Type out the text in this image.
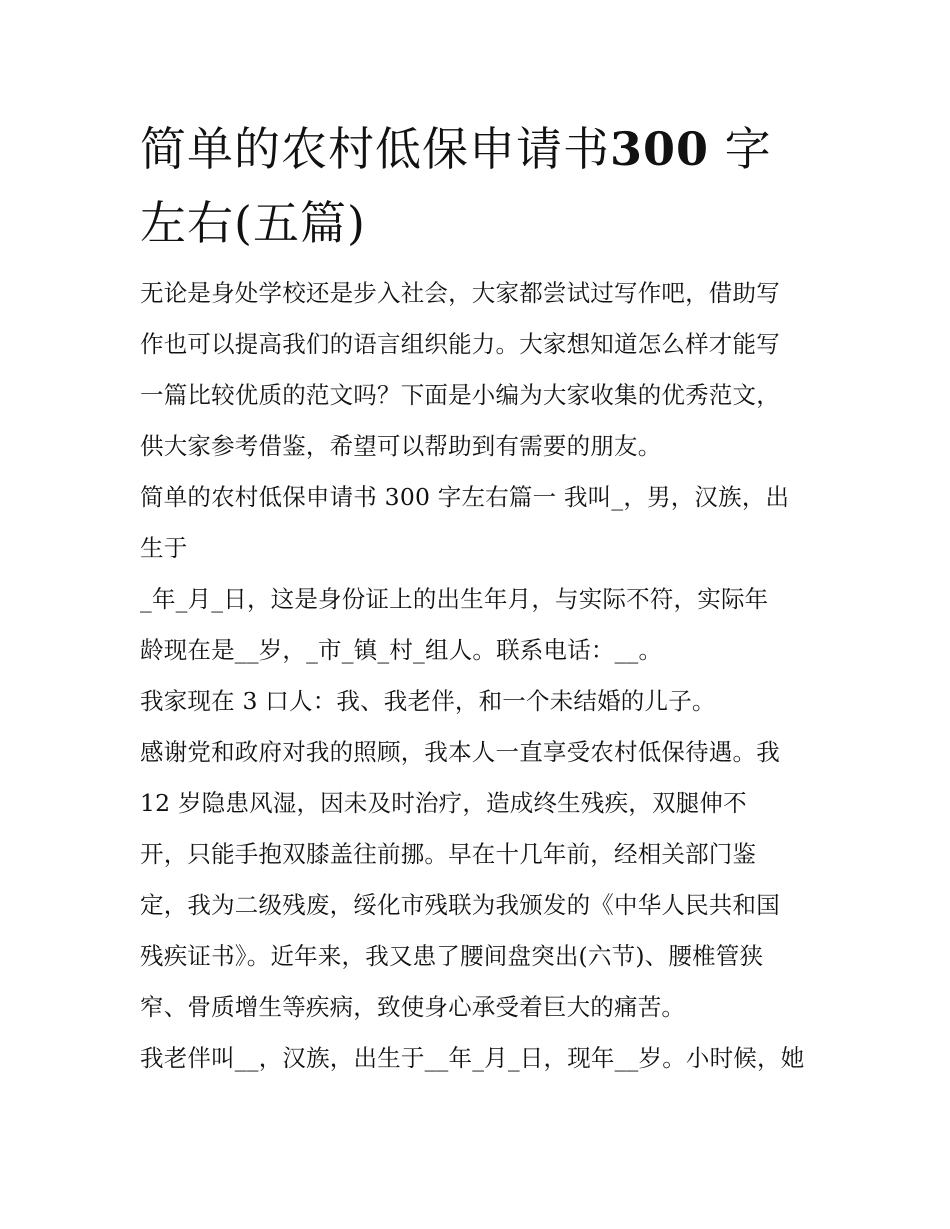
简单的农村低保申请书300 字
左右(五篇)

无论是身处学校还是步入社会，大家都尝试过写作吧，借助写
作也可以提高我们的语言组织能力。大家想知道怎么样才能写
一篇比较优质的范文吗？下面是小编为大家收集的优秀范文，
供大家参考借鉴，希望可以帮助到有需要的朋友。

简单的农村低保申请书 300 字左右篇一 我叫_，男，汉族，出
生于

_年_月_日，这是身份证上的出生年月，与实际不符，实际年
龄现在是__岁，_市_镇_村_组人。联系电话：__。

我家现在 3 口人：我、我老伴，和一个未结婚的儿子。

感谢党和政府对我的照顾，我本人一直享受农村低保待遇。我
12 岁隐患风湿，因未及时治疗，造成终生残疾，双腿伸不
开，只能手抱双膝盖往前挪。早在十几年前，经相关部门鉴
定，我为二级残废，绥化市残联为我颁发的《中华人民共和国
残疾证书》。近年来，我又患了腰间盘突出(六节)、腰椎管狭
窄、骨质增生等疾病，致使身心承受着巨大的痛苦。

我老伴叫__，汉族，出生于__年_月_日，现年__岁。小时候，她
